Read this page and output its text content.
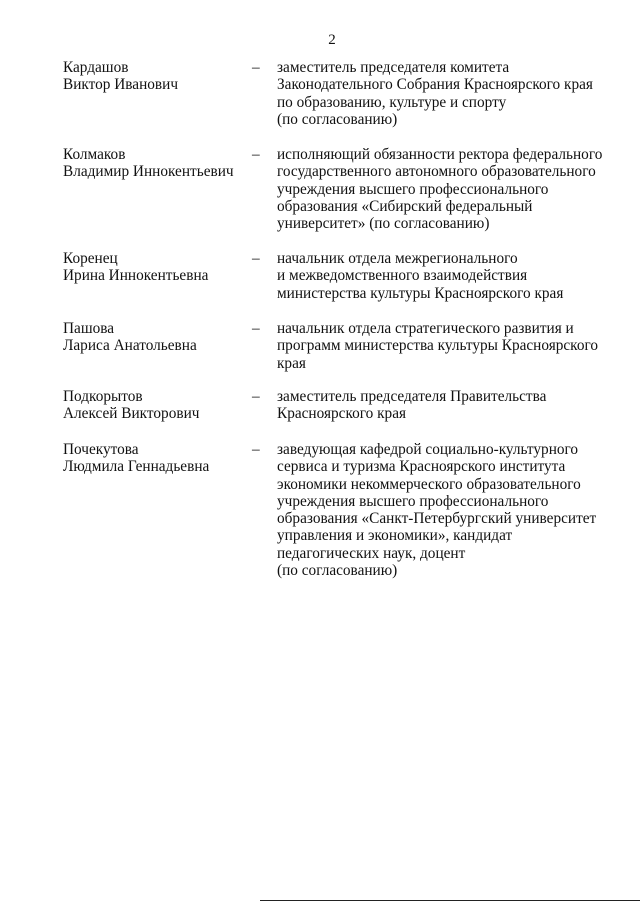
2
Кардашов
Виктор Иванович
– заместитель председателя комитета
Законодательного Собрания Красноярского края
по образованию, культуре и спорту
(по согласованию)
Колмаков
Владимир Иннокентьевич
– исполняющий обязанности ректора федерального
государственного автономного образовательного
учреждения высшего профессионального
образования «Сибирский федеральный
университет» (по согласованию)
Коренец
Ирина Иннокентьевна
– начальник отдела межрегионального
и межведомственного взаимодействия
министерства культуры Красноярского края
Пашова
Лариса Анатольевна
– начальник отдела стратегического развития и
программ министерства культуры Красноярского
края
Подкорытов
Алексей Викторович
– заместитель председателя Правительства
Красноярского края
Почекутова
Людмила Геннадьевна
– заведующая кафедрой социально-культурного
сервиса и туризма Красноярского института
экономики некоммерческого образовательного
учреждения высшего профессионального
образования «Санкт-Петербургский университет
управления и экономики», кандидат
педагогических наук, доцент
(по согласованию)
